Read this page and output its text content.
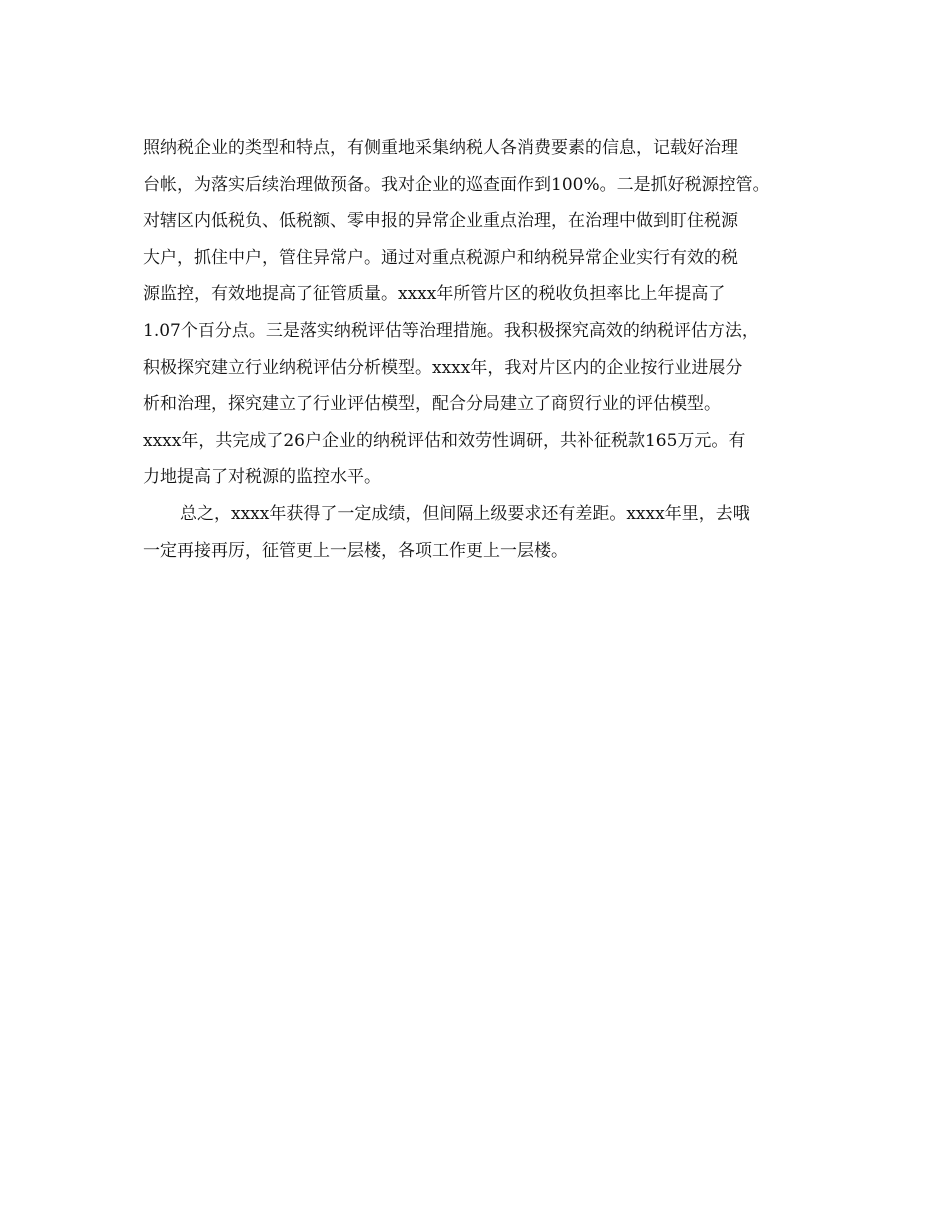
照纳税企业的类型和特点，有侧重地采集纳税人各消费要素的信息，记载好治理
台帐，为落实后续治理做预备。我对企业的巡查面作到100%。二是抓好税源控管。
对辖区内低税负、低税额、零申报的异常企业重点治理，在治理中做到盯住税源
大户，抓住中户，管住异常户。通过对重点税源户和纳税异常企业实行有效的税
源监控，有效地提高了征管质量。xxxx年所管片区的税收负担率比上年提高了
1.07个百分点。三是落实纳税评估等治理措施。我积极探究高效的纳税评估方法，
积极探究建立行业纳税评估分析模型。xxxx年，我对片区内的企业按行业进展分
析和治理，探究建立了行业评估模型，配合分局建立了商贸行业的评估模型。
xxxx年，共完成了26户企业的纳税评估和效劳性调研，共补征税款165万元。有
力地提高了对税源的监控水平。
总之，xxxx年获得了一定成绩，但间隔上级要求还有差距。xxxx年里，去哦
一定再接再厉，征管更上一层楼，各项工作更上一层楼。
